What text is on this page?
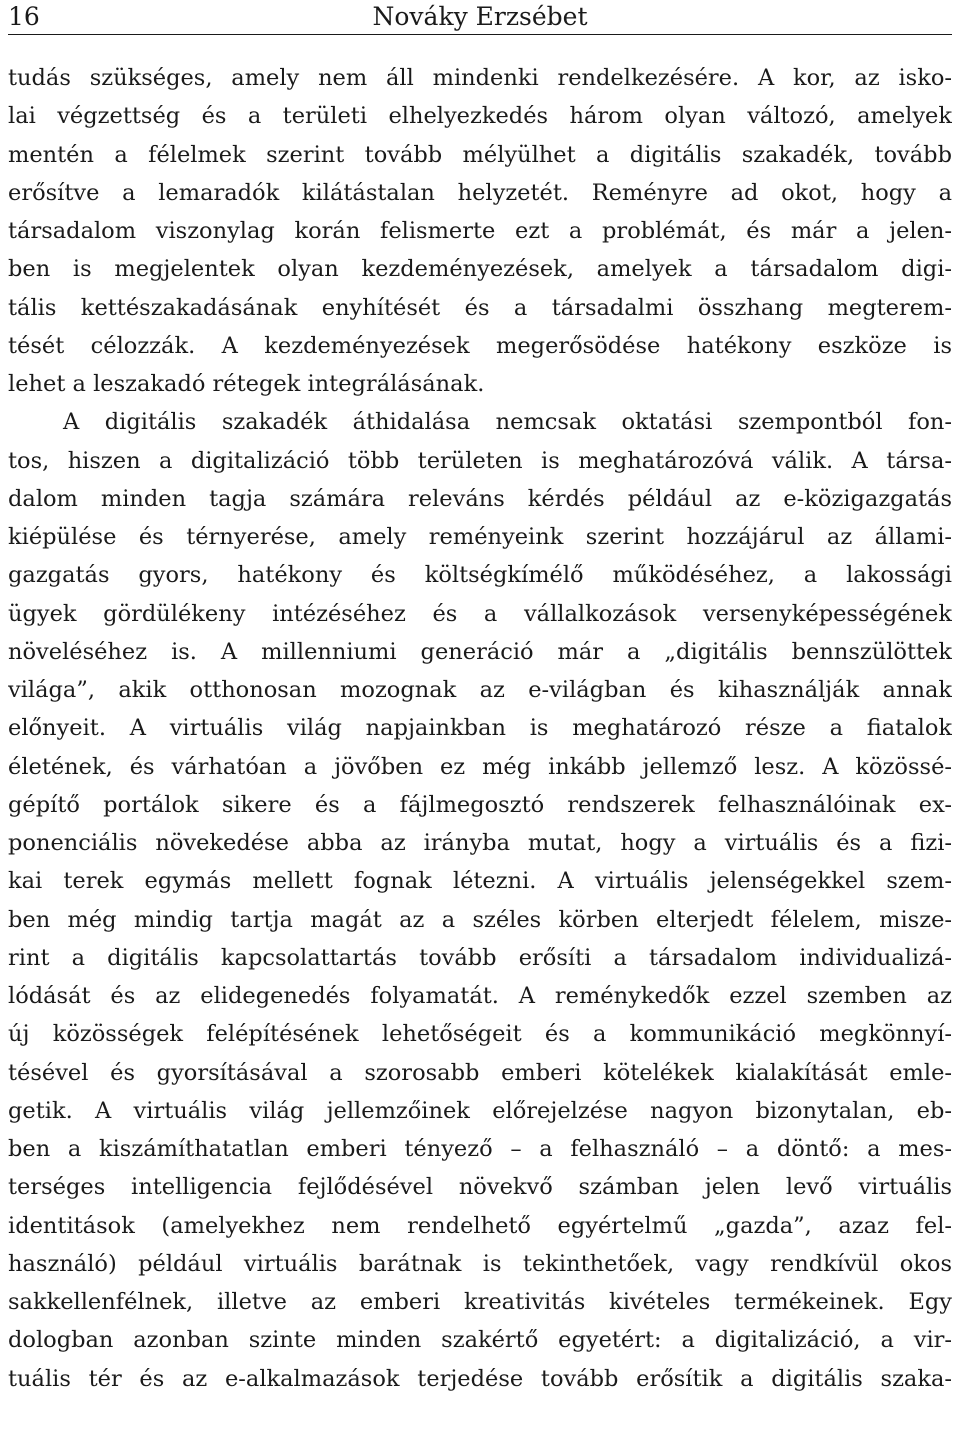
16	Nováky Erzsébet
tudás szükséges, amely nem áll mindenki rendelkezésére. A kor, az isko-
lai végzettség és a területi elhelyezkedés három olyan változó, amelyek
mentén a félelmek szerint tovább mélyülhet a digitális szakadék, tovább
erősítve a lemaradók kilátástalan helyzetét. Reményre ad okot, hogy a
társadalom viszonylag korán felismerte ezt a problémát, és már a jelen-
ben is megjelentek olyan kezdeményezések, amelyek a társadalom digi-
tális kettészakadásának enyhítését és a társadalmi összhang megterem-
tését célozzák. A kezdeményezések megerősödése hatékony eszköze is
lehet a leszakadó rétegek integrálásának.
A digitális szakadék áthidalása nemcsak oktatási szempontból fon-
tos, hiszen a digitalizáció több területen is meghatározóvá válik. A társa-
dalom minden tagja számára releváns kérdés például az e-közigazgatás
kiépülése és térnyerése, amely reményeink szerint hozzájárul az állami-
gazgatás gyors, hatékony és költségkímélő működéséhez, a lakossági
ügyek gördülékeny intézéséhez és a vállalkozások versenyképességének
növeléséhez is. A millenniumi generáció már a „digitális bennszülöttek
világa”, akik otthonosan mozognak az e-világban és kihasználják annak
előnyeit. A virtuális világ napjainkban is meghatározó része a fiatalok
életének, és várhatóan a jövőben ez még inkább jellemző lesz. A közössé-
gépítő portálok sikere és a fájlmegosztó rendszerek felhasználóinak ex-
ponenciális növekedése abba az irányba mutat, hogy a virtuális és a fizi-
kai terek egymás mellett fognak létezni. A virtuális jelenségekkel szem-
ben még mindig tartja magát az a széles körben elterjedt félelem, misze-
rint a digitális kapcsolattartás tovább erősíti a társadalom individualizá-
lódását és az elidegenedés folyamatát. A reménykedők ezzel szemben az
új közösségek felépítésének lehetőségeit és a kommunikáció megkönnyí-
tésével és gyorsításával a szorosabb emberi kötelékek kialakítását emle-
getik. A virtuális világ jellemzőinek előrejelzése nagyon bizonytalan, eb-
ben a kiszámíthatatlan emberi tényező – a felhasználó – a döntő: a mes-
terséges intelligencia fejlődésével növekvő számban jelen levő virtuális
identitások (amelyekhez nem rendelhető egyértelmű „gazda”, azaz fel-
használó) például virtuális barátnak is tekinthetőek, vagy rendkívül okos
sakkellenfélnek, illetve az emberi kreativitás kivételes termékeinek. Egy
dologban azonban szinte minden szakértő egyetért: a digitalizáció, a vir-
tuális tér és az e-alkalmazások terjedése tovább erősítik a digitális szaka-
